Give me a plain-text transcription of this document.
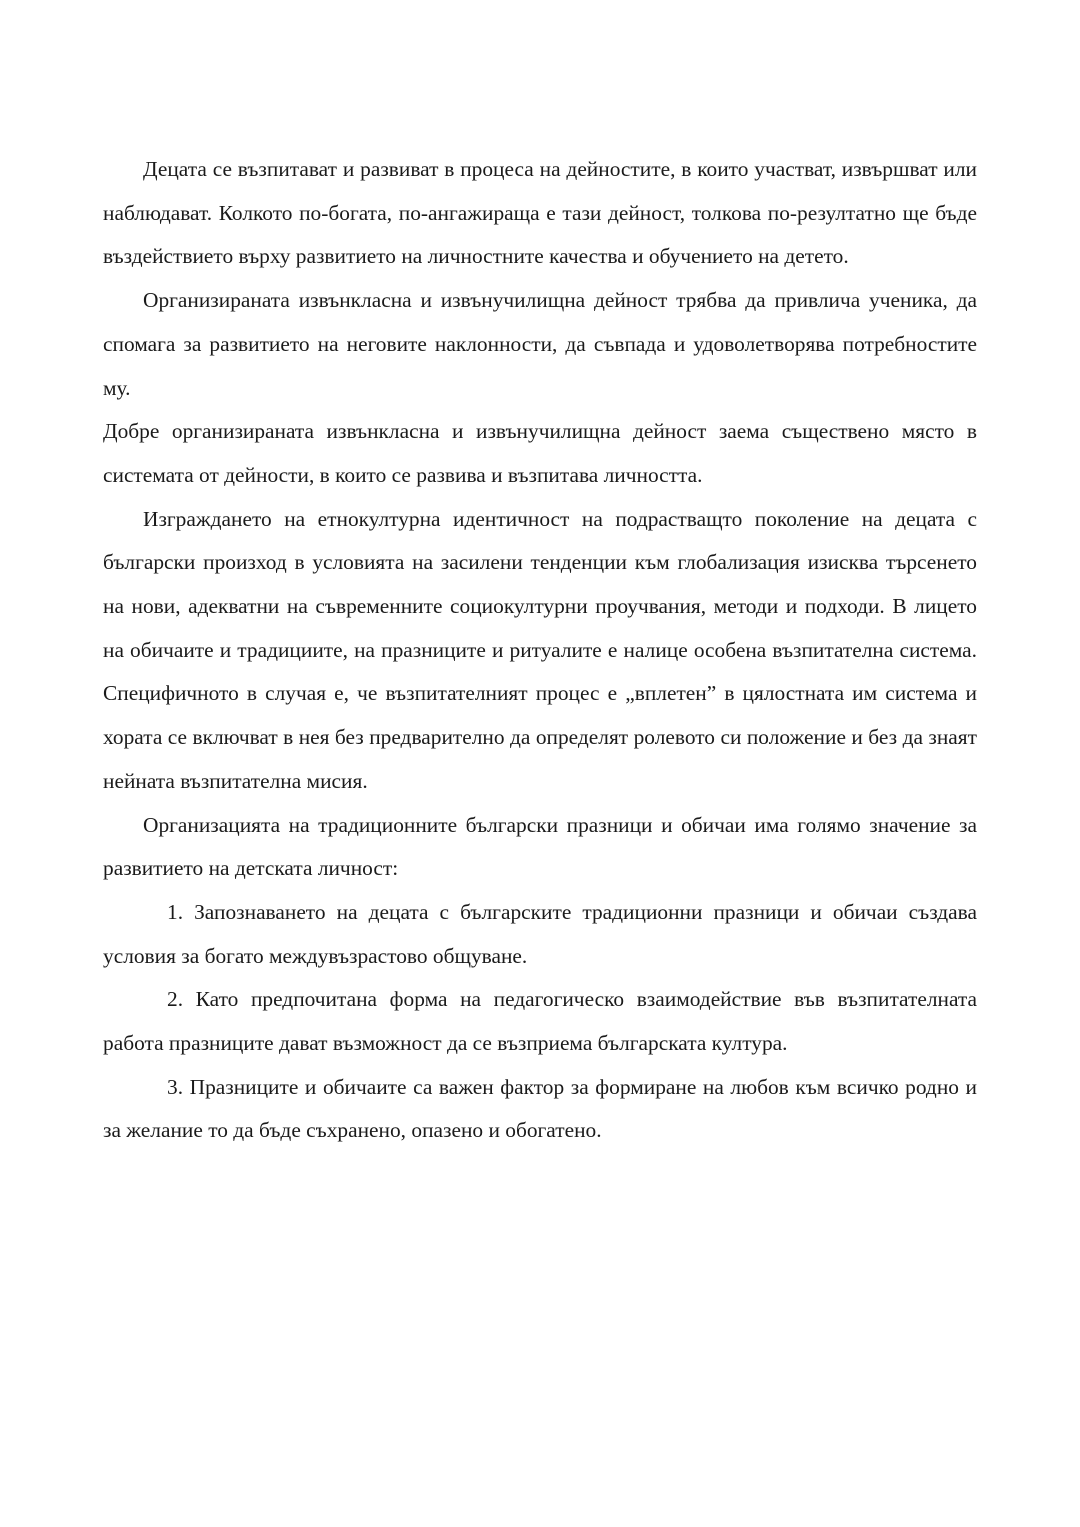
Децата се възпитават и развиват в процеса на дейностите, в които участват, извършват или наблюдават. Колкото по-богата, по-ангажираща е тази дейност, толкова по-резултатно ще бъде въздействието върху развитието на личностните качества и обучението на детето.

Организираната извънкласна и извънучилищна дейност трябва да привлича ученика, да спомага за развитието на неговите наклонности, да съвпада и удоволетворява потребностите му.

Добре организираната извънкласна и извънучилищна дейност заема съществено място в системата от дейности, в които се развива и възпитава личността.

Изграждането на етнокултурна идентичност на подрастващто поколение на децата с български произход в условията на засилени тенденции към глобализация изисква търсенето на нови, адекватни на съвременните социокултурни проучвания, методи и подходи. В лицето на обичаите и традициите, на празниците и ритуалите е налице особена възпитателна система. Специфичното в случая е, че възпитателният процес е „вплетен” в цялостната им система и хората се включват в нея без предварително да определят ролевото си положение и без да знаят нейната възпитателна мисия.

Организацията на традиционните български празници и обичаи има голямо значение за развитието на детската личност:

1. Запознаването на децата с българските традиционни празници и обичаи създава условия за богато междувъзрастово общуване.

2. Като предпочитана форма на педагогическо взаимодействие във възпитателната работа празниците дават възможност да се възприема българската култура.

3. Празниците и обичаите са важен фактор за формиране на любов към всичко родно и за желание то да бъде съхранено, опазено и обогатено.
